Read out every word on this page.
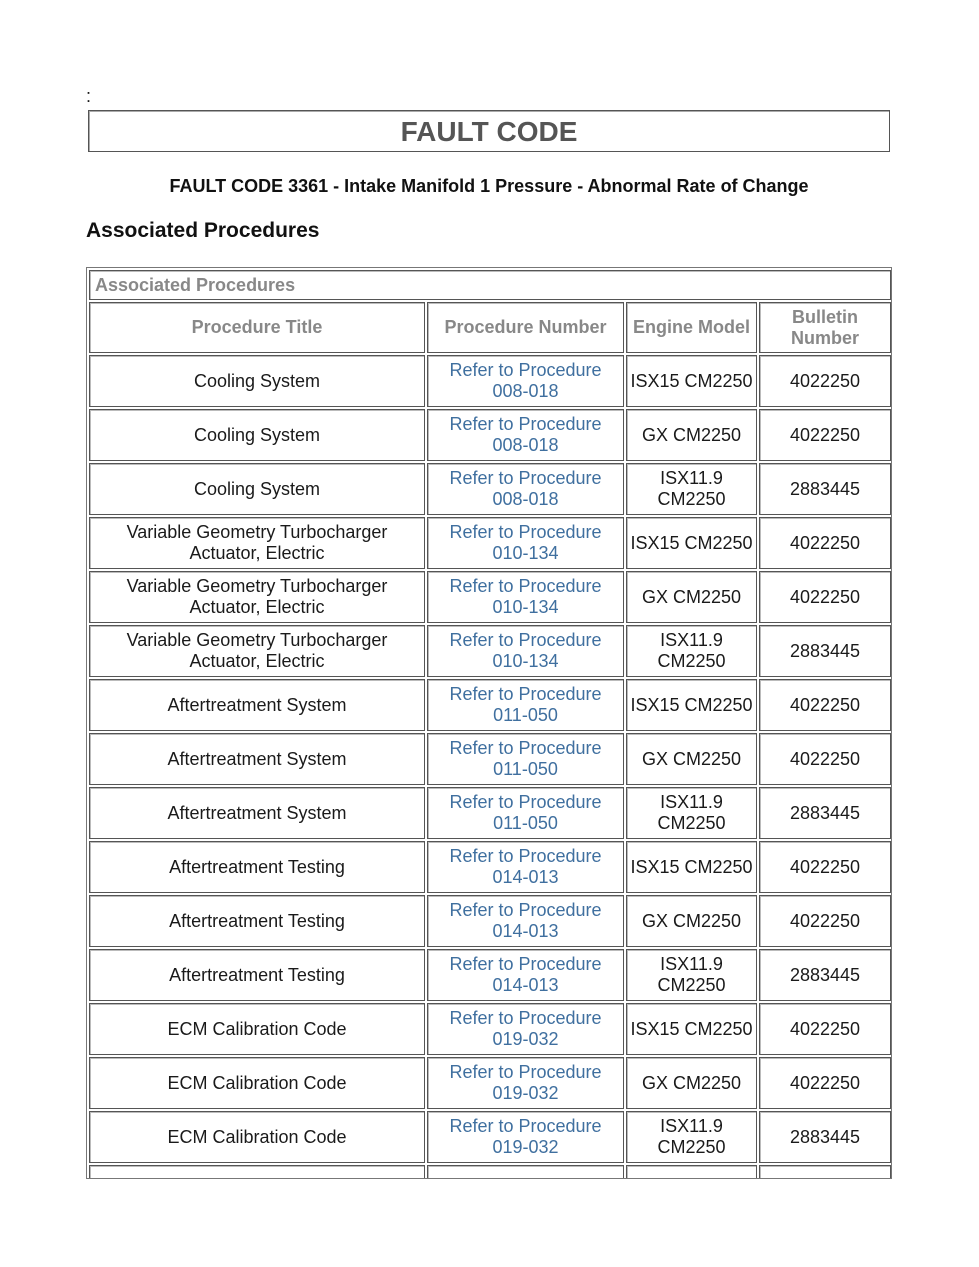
:
FAULT CODE
FAULT CODE 3361 - Intake Manifold 1 Pressure - Abnormal Rate of Change
Associated Procedures
Associated Procedures			
Procedure Title	Procedure Number	Engine Model	Bulletin Number
Cooling System	Refer to Procedure 008-018	ISX15 CM2250	4022250
Cooling System	Refer to Procedure 008-018	GX CM2250	4022250
Cooling System	Refer to Procedure 008-018	ISX11.9 CM2250	2883445
Variable Geometry Turbocharger Actuator, Electric	Refer to Procedure 010-134	ISX15 CM2250	4022250
Variable Geometry Turbocharger Actuator, Electric	Refer to Procedure 010-134	GX CM2250	4022250
Variable Geometry Turbocharger Actuator, Electric	Refer to Procedure 010-134	ISX11.9 CM2250	2883445
Aftertreatment System	Refer to Procedure 011-050	ISX15 CM2250	4022250
Aftertreatment System	Refer to Procedure 011-050	GX CM2250	4022250
Aftertreatment System	Refer to Procedure 011-050	ISX11.9 CM2250	2883445
Aftertreatment Testing	Refer to Procedure 014-013	ISX15 CM2250	4022250
Aftertreatment Testing	Refer to Procedure 014-013	GX CM2250	4022250
Aftertreatment Testing	Refer to Procedure 014-013	ISX11.9 CM2250	2883445
ECM Calibration Code	Refer to Procedure 019-032	ISX15 CM2250	4022250
ECM Calibration Code	Refer to Procedure 019-032	GX CM2250	4022250
ECM Calibration Code	Refer to Procedure 019-032	ISX11.9 CM2250	2883445
